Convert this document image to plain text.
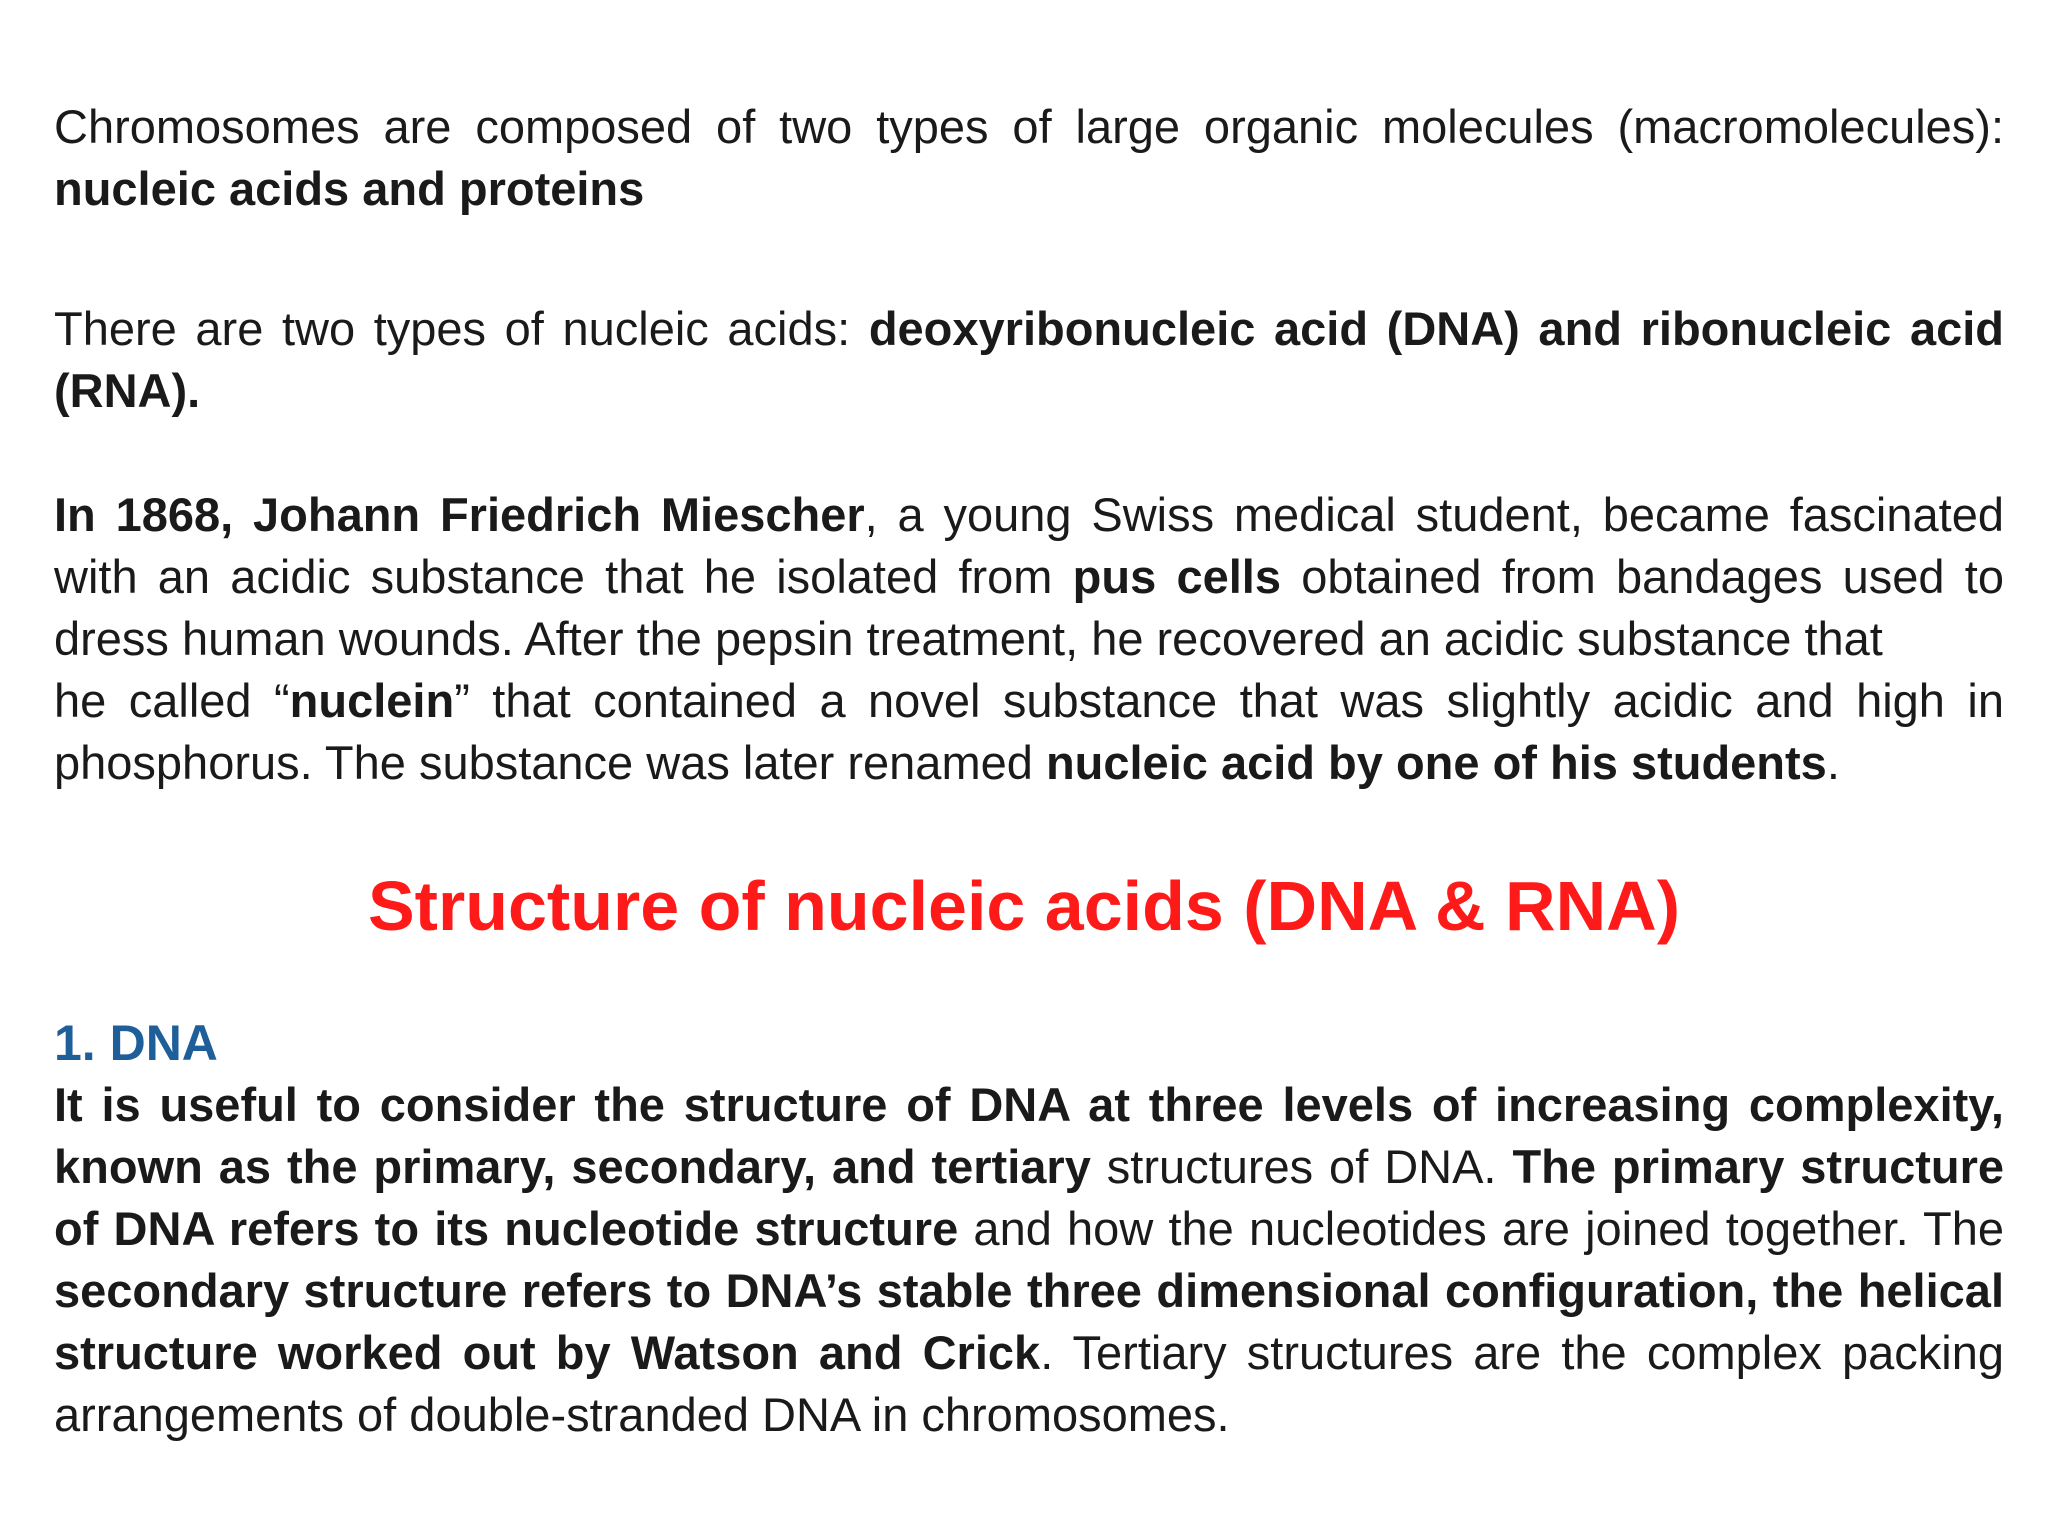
Chromosomes are composed of two types of large organic molecules (macromolecules): nucleic acids and proteins

There are two types of nucleic acids: deoxyribonucleic acid (DNA) and ribonucleic acid (RNA).

In 1868, Johann Friedrich Miescher, a young Swiss medical student, became fascinated with an acidic substance that he isolated from pus cells obtained from bandages used to dress human wounds. After the pepsin treatment, he recovered an acidic substance that

he called “nuclein” that contained a novel substance that was slightly acidic and high in phosphorus. The substance was later renamed nucleic acid by one of his students.

Structure of nucleic acids (DNA & RNA)
1. DNA

It is useful to consider the structure of DNA at three levels of increasing complexity, known as the primary, secondary, and tertiary structures of DNA. The primary structure of DNA refers to its nucleotide structure and how the nucleotides are joined together. The secondary structure refers to DNA’s stable three dimensional configuration, the helical structure worked out by Watson and Crick. Tertiary structures are the complex packing arrangements of double-stranded DNA in chromosomes.
